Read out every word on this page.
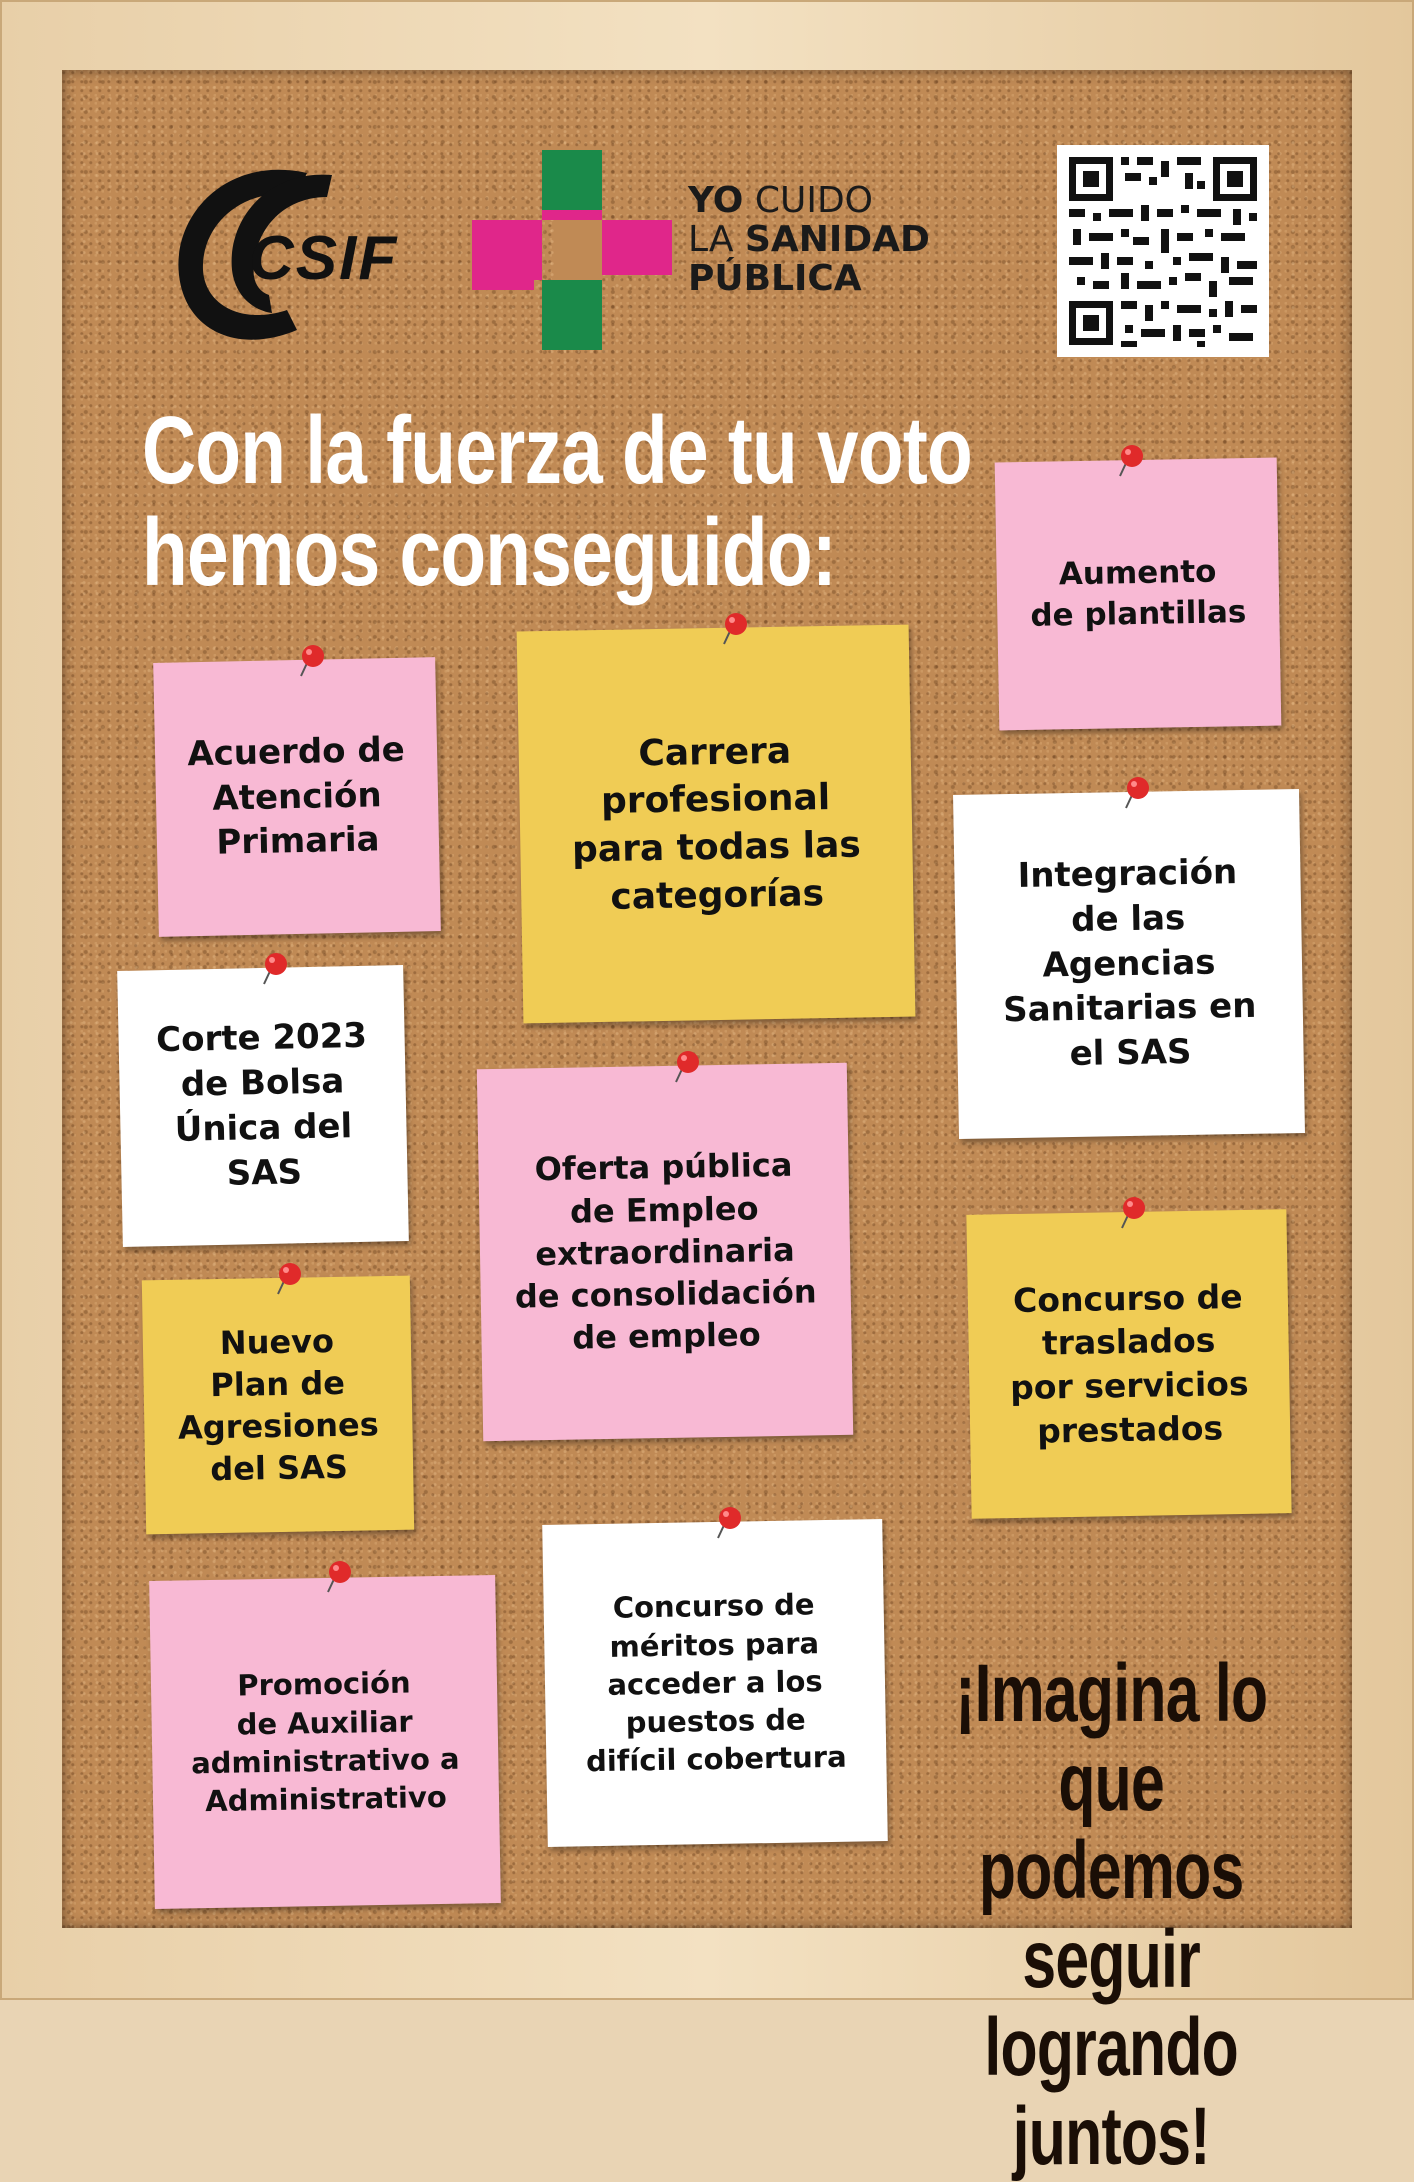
CSIF
YO CUIDO
LA SANIDAD
PÚBLICA
Con la fuerza de tu voto
hemos conseguido:	Aumento
de plantillas
Acuerdo de
Atención
Primaria
Carrera
profesional
para todas las
categorías	Integración
de las
Agencias
Sanitarias en
el SAS
Corte 2023
de Bolsa
Única del
SAS	Oferta pública
de Empleo
extraordinaria
de consolidación
de empleo
Concurso de
traslados
por servicios
prestados
Nuevo
Plan de
Agresiones
del SAS
Promoción
de Auxiliar
administrativo a
Administrativo
Concurso de
méritos para
acceder a los
puestos de
difícil cobertura
¡Imagina lo que
podemos seguir
logrando juntos!
